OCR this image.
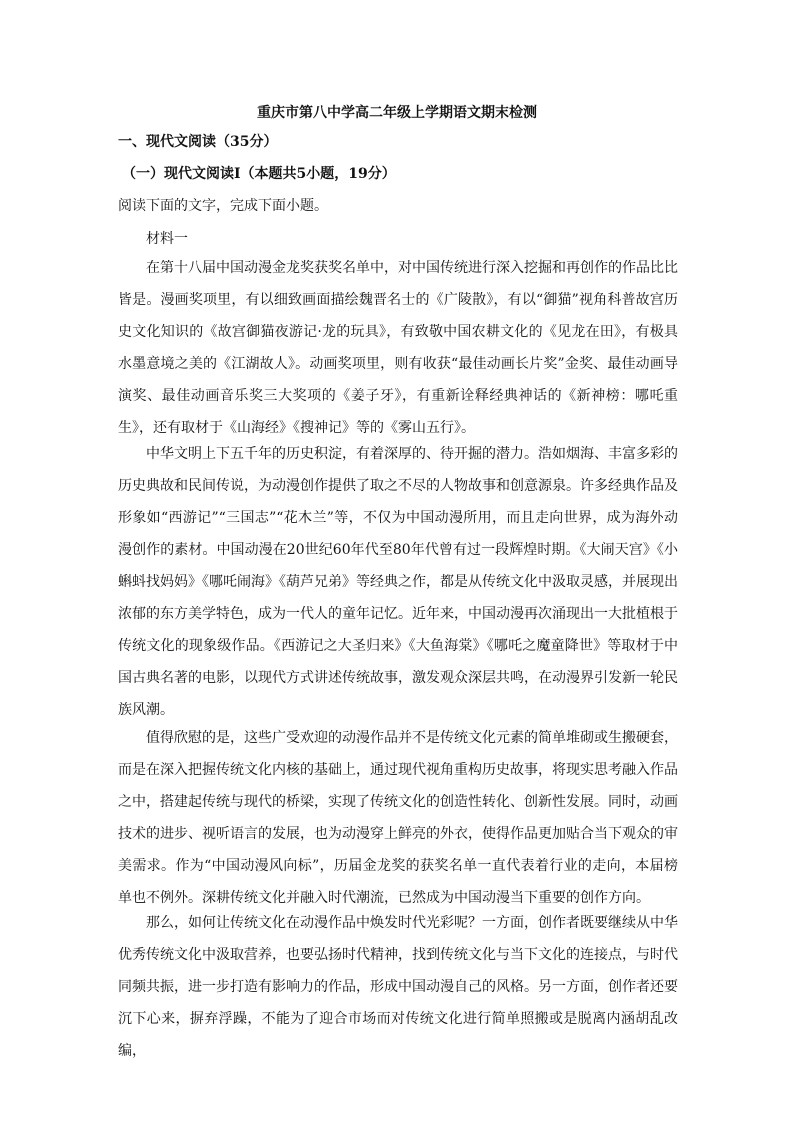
重庆市第八中学高二年级上学期语文期末检测
一、现代文阅读（35分）
（一）现代文阅读Ⅰ（本题共5小题，19分）
阅读下面的文字，完成下面小题。
材料一

在第十八届中国动漫金龙奖获奖名单中，对中国传统进行深入挖掘和再创作的作品比比皆是。漫画奖项里，有以细致画面描绘魏晋名士的《广陵散》，有以“御猫”视角科普故宫历史文化知识的《故宫御猫夜游记·龙的玩具》，有致敬中国农耕文化的《见龙在田》，有极具水墨意境之美的《江湖故人》。动画奖项里，则有收获“最佳动画长片奖”金奖、最佳动画导演奖、最佳动画音乐奖三大奖项的《姜子牙》，有重新诠释经典神话的《新神榜：哪吒重生》，还有取材于《山海经》《搜神记》等的《雾山五行》。

中华文明上下五千年的历史积淀，有着深厚的、待开掘的潜力。浩如烟海、丰富多彩的历史典故和民间传说，为动漫创作提供了取之不尽的人物故事和创意源泉。许多经典作品及形象如“西游记”“三国志”“花木兰”等，不仅为中国动漫所用，而且走向世界，成为海外动漫创作的素材。中国动漫在20世纪60年代至80年代曾有过一段辉煌时期。《大闹天宫》《小蝌蚪找妈妈》《哪吒闹海》《葫芦兄弟》等经典之作，都是从传统文化中汲取灵感，并展现出浓郁的东方美学特色，成为一代人的童年记忆。近年来，中国动漫再次涌现出一大批植根于传统文化的现象级作品。《西游记之大圣归来》《大鱼海棠》《哪吒之魔童降世》等取材于中国古典名著的电影，以现代方式讲述传统故事，激发观众深层共鸣，在动漫界引发新一轮民族风潮。

值得欣慰的是，这些广受欢迎的动漫作品并不是传统文化元素的简单堆砌或生搬硬套，而是在深入把握传统文化内核的基础上，通过现代视角重构历史故事，将现实思考融入作品之中，搭建起传统与现代的桥梁，实现了传统文化的创造性转化、创新性发展。同时，动画技术的进步、视听语言的发展，也为动漫穿上鲜亮的外衣，使得作品更加贴合当下观众的审美需求。作为“中国动漫风向标”，历届金龙奖的获奖名单一直代表着行业的走向，本届榜单也不例外。深耕传统文化并融入时代潮流，已然成为中国动漫当下重要的创作方向。

那么，如何让传统文化在动漫作品中焕发时代光彩呢？一方面，创作者既要继续从中华优秀传统文化中汲取营养，也要弘扬时代精神，找到传统文化与当下文化的连接点，与时代同频共振，进一步打造有影响力的作品，形成中国动漫自己的风格。另一方面，创作者还要沉下心来，摒弃浮躁，不能为了迎合市场而对传统文化进行简单照搬或是脱离内涵胡乱改编，
